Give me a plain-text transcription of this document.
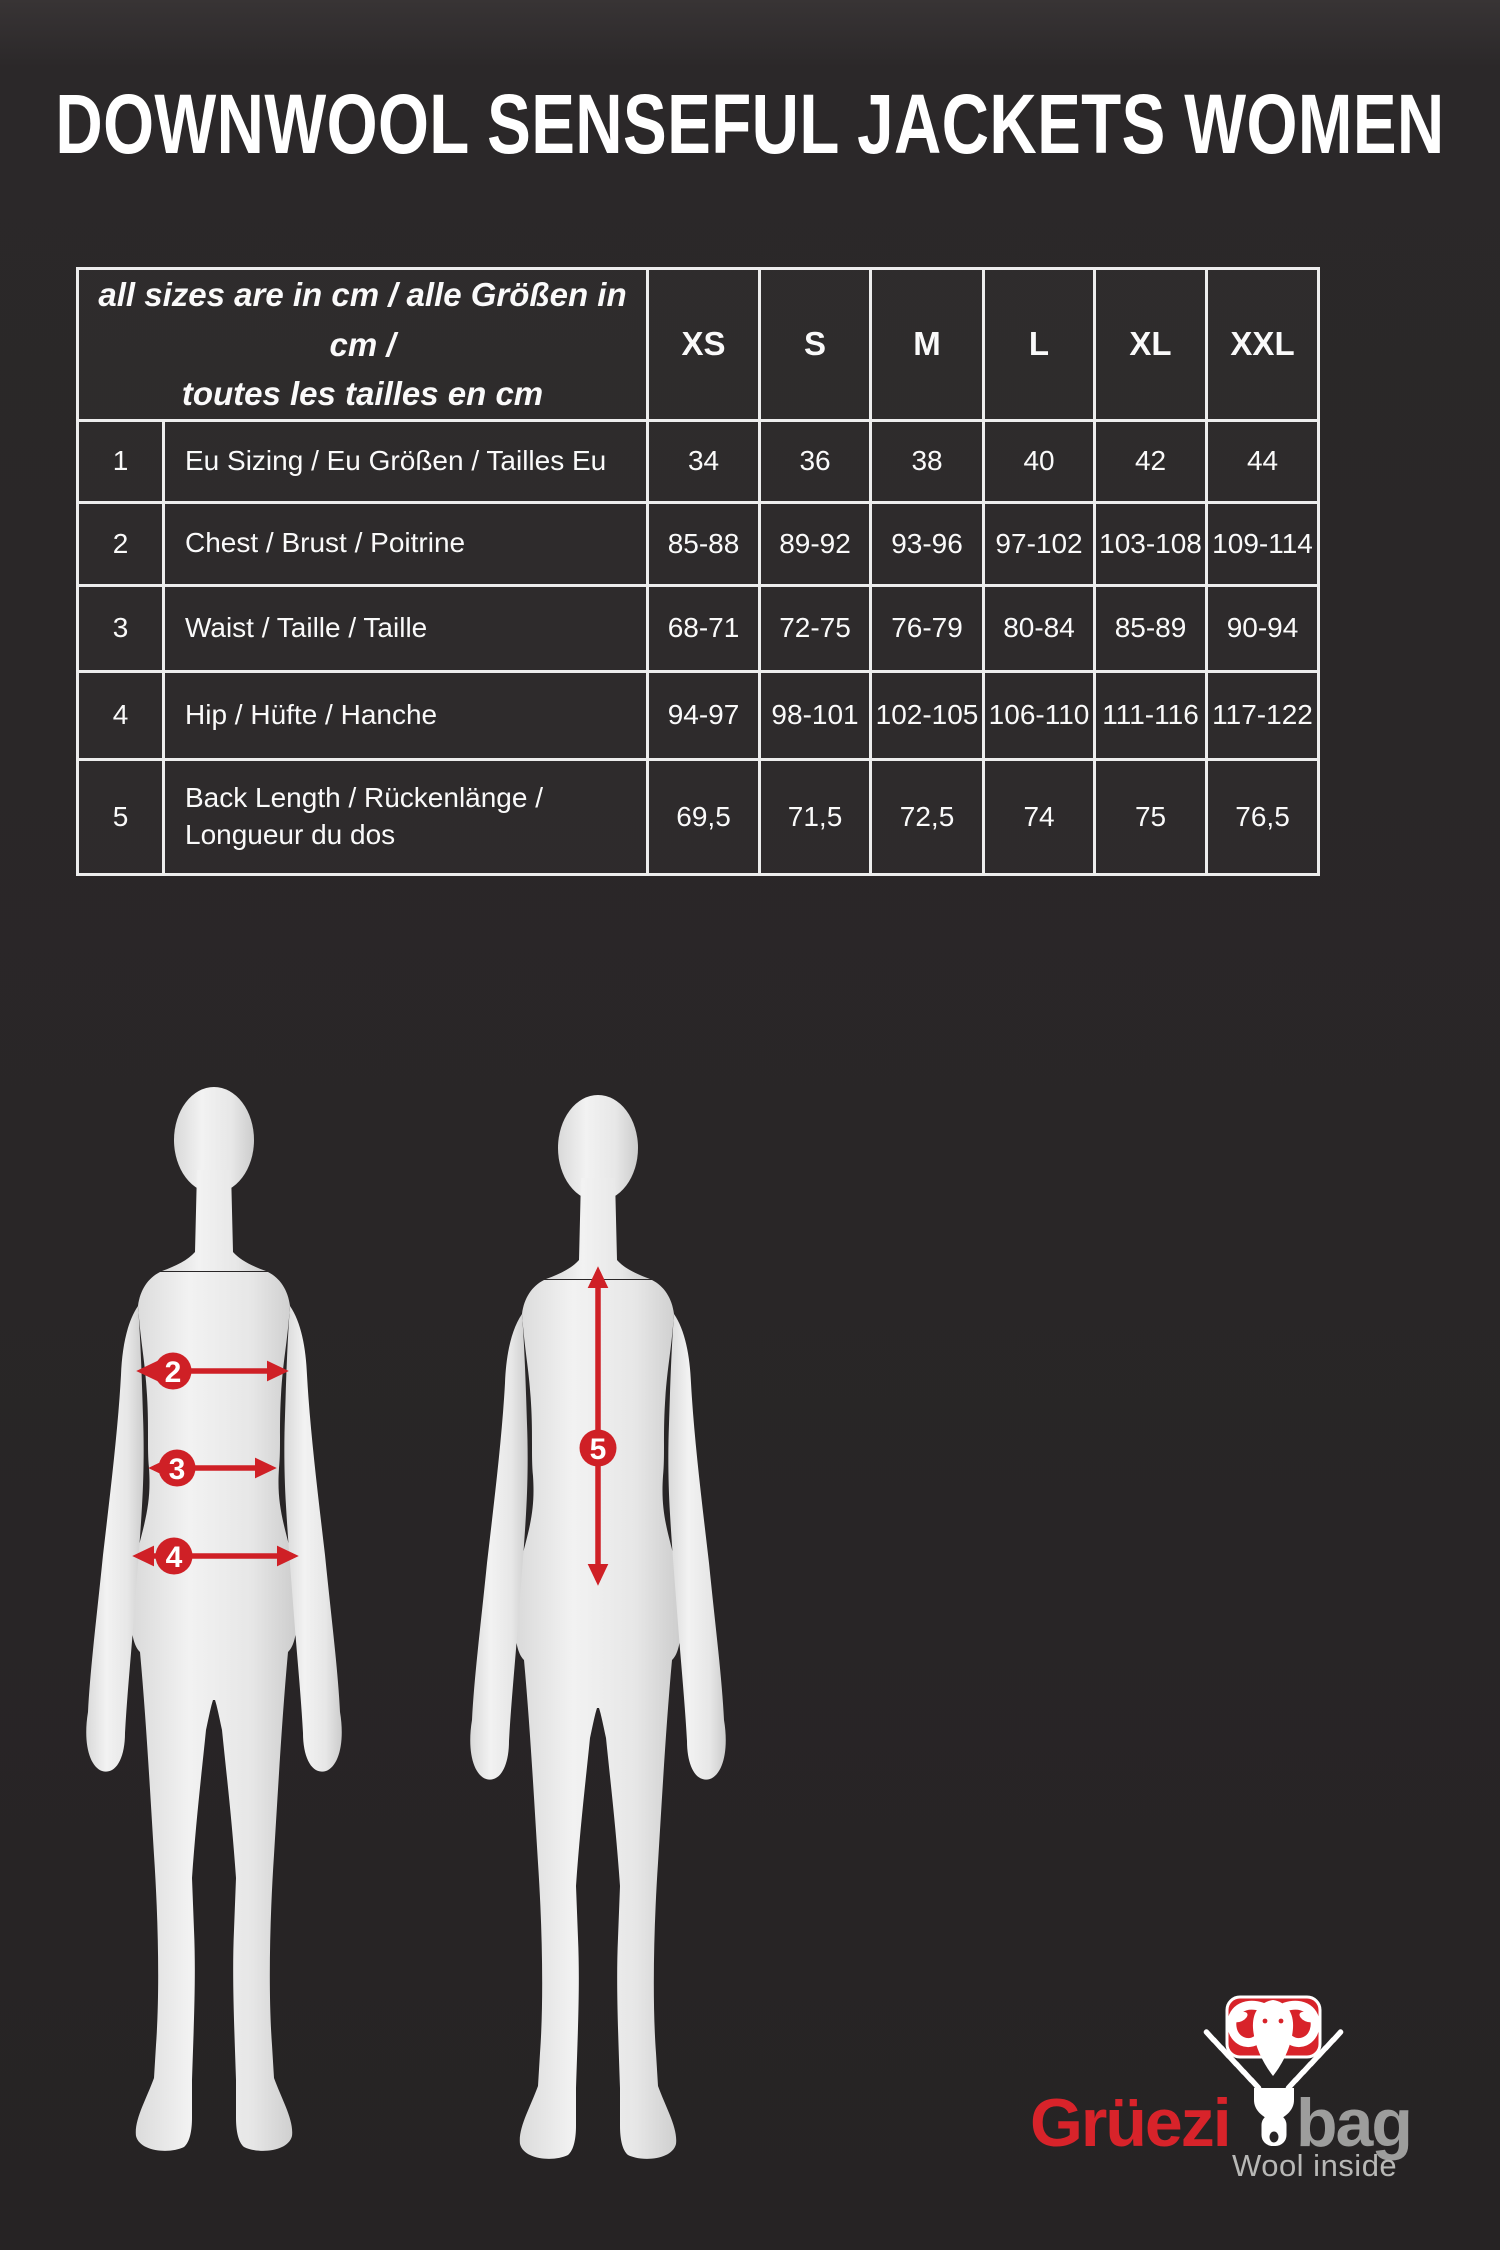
DOWNWOOL SENSEFUL JACKETS WOMEN
all sizes are in cm / alle Größen in cm /
toutes les tailles en cm		XS	S	M	L	XL	XXL
1	Eu Sizing / Eu Größen / Tailles Eu	34	36	38	40	42	44
2	Chest / Brust / Poitrine	85-88	89-92	93-96	97-102	103-108	109-114
3	Waist / Taille / Taille	68-71	72-75	76-79	80-84	85-89	90-94
4	Hip / Hüfte / Hanche	94-97	98-101	102-105	106-110	111-116	117-122
5	Back Length / Rückenlänge / Longueur du dos	69,5	71,5	72,5	74	75	76,5
2
3
4
5
Grüezi bag
Wool inside
